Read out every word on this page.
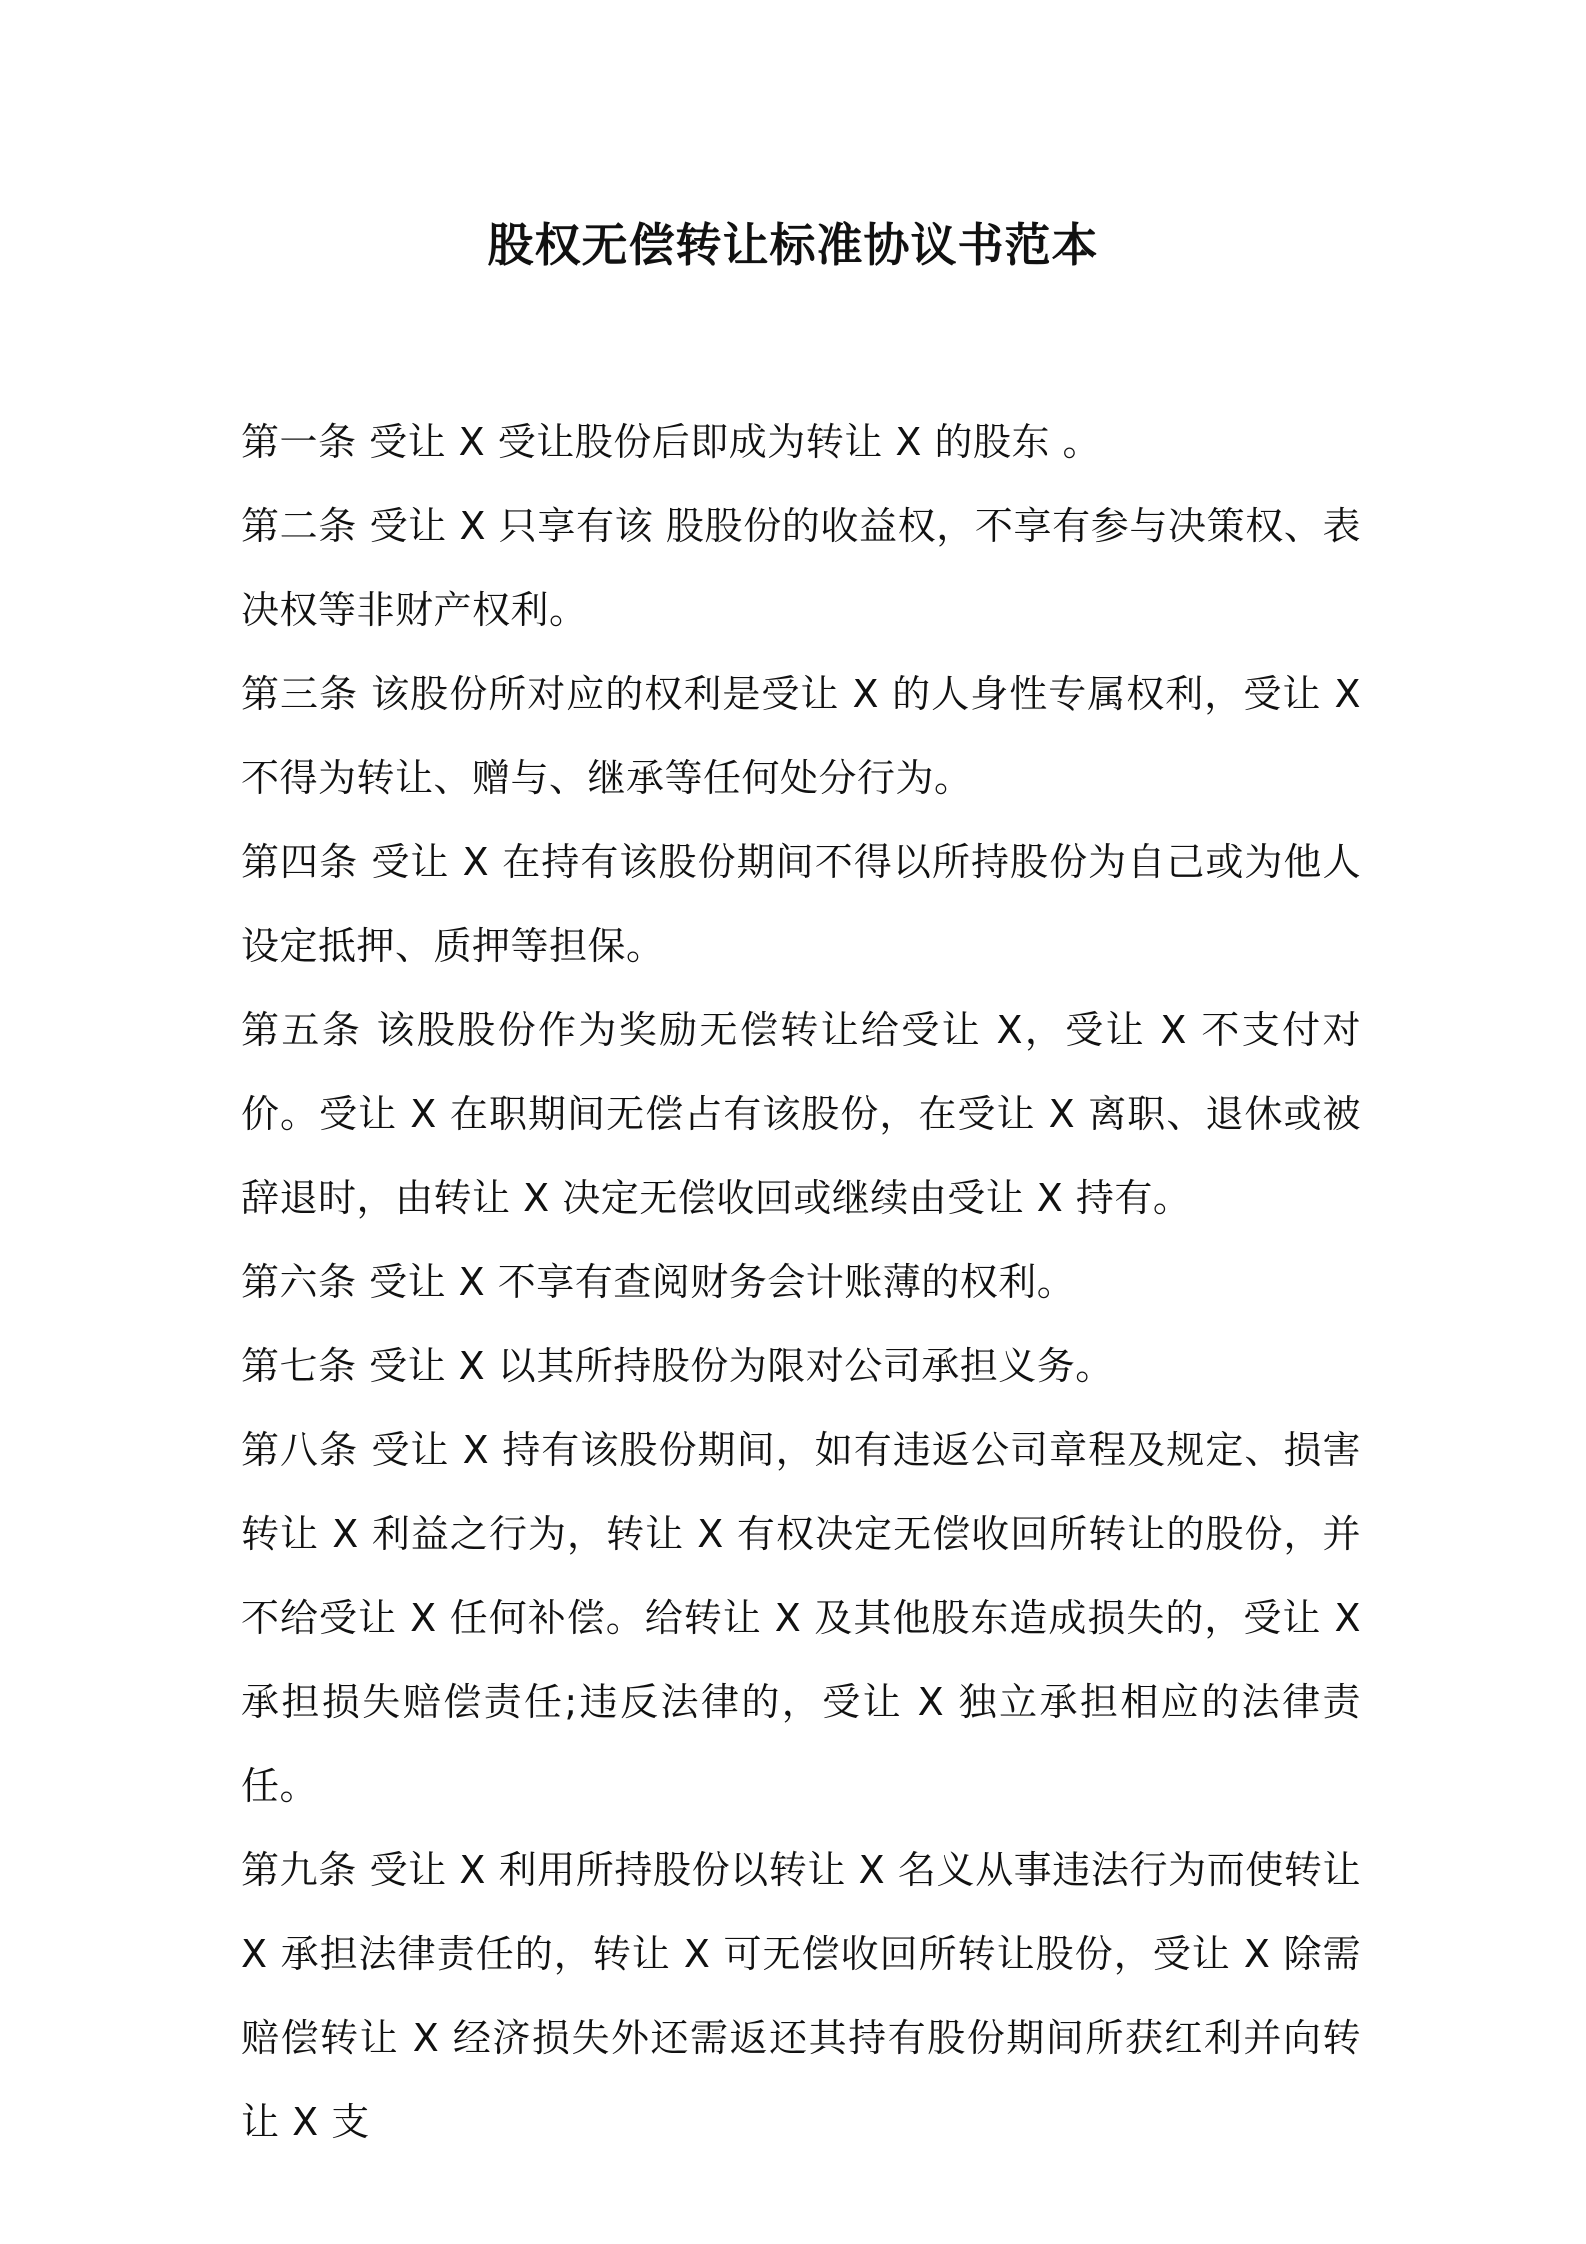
股权无偿转让标准协议书范本

第一条 受让 X 受让股份后即成为转让 X 的股东 。

第二条 受让 X 只享有该 股股份的收益权，不享有参与决策权、表决权等非财产权利。

第三条 该股份所对应的权利是受让 X 的人身性专属权利，受让 X 不得为转让、赠与、继承等任何处分行为。

第四条 受让 X 在持有该股份期间不得以所持股份为自己或为他人设定抵押、质押等担保。

第五条 该股股份作为奖励无偿转让给受让 X，受让 X 不支付对价。受让 X 在职期间无偿占有该股份，在受让 X 离职、退休或被辞退时，由转让 X 决定无偿收回或继续由受让 X 持有。

第六条 受让 X 不享有查阅财务会计账薄的权利。

第七条 受让 X 以其所持股份为限对公司承担义务。

第八条 受让 X 持有该股份期间，如有违返公司章程及规定、损害转让 X 利益之行为，转让 X 有权决定无偿收回所转让的股份，并不给受让 X 任何补偿。给转让 X 及其他股东造成损失的，受让 X 承担损失赔偿责任;违反法律的，受让 X 独立承担相应的法律责任。

第九条 受让 X 利用所持股份以转让 X 名义从事违法行为而使转让 X 承担法律责任的，转让 X 可无偿收回所转让股份，受让 X 除需赔偿转让 X 经济损失外还需返还其持有股份期间所获红利并向转让 X 支
